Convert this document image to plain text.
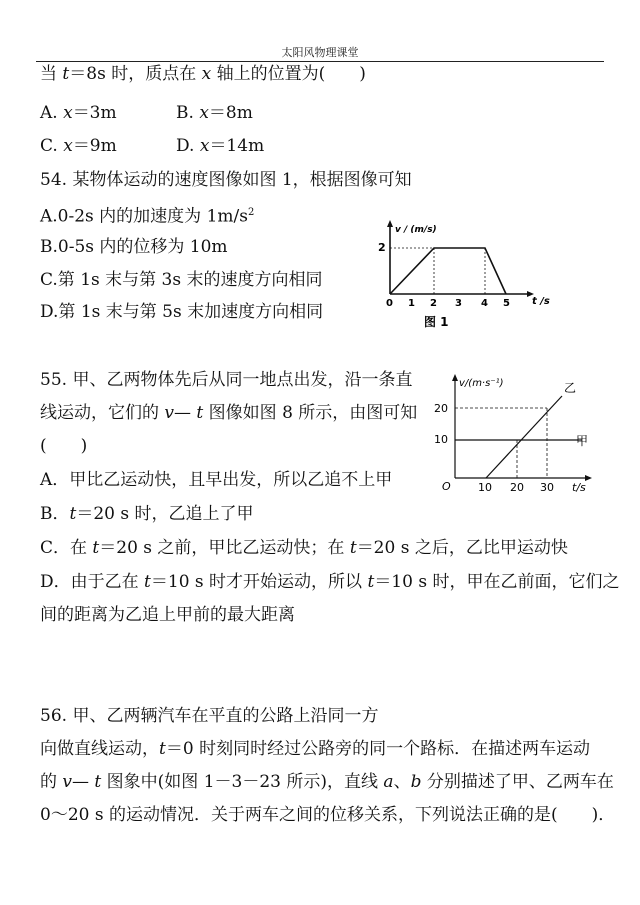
太阳风物理课堂
当 t＝8s 时，质点在 x 轴上的位置为(　　)
A. x＝3m	B. x＝8m
C. x＝9m	D. x＝14m
54. 某物体运动的速度图像如图 1，根据图像可知
A.0-2s 内的加速度为 $1m/s^2$
B.0-5s 内的位移为 10m
C.第 1s 末与第 3s 末的速度方向相同
D.第 1s 末与第 5s 末加速度方向相同
v / (m/s)
t /s
2
0 1 2 3 4 5
图 1
55. 甲、乙两物体先后从同一地点出发，沿一条直
线运动，它们的 v— t 图像如图 8 所示，由图可知
(　　)
A．甲比乙运动快，且早出发，所以乙追不上甲
B．t＝20 s 时，乙追上了甲
C．在 t＝20 s 之前，甲比乙运动快；在 t＝20 s 之后，乙比甲运动快
D．由于乙在 t＝10 s 时才开始运动，所以 t＝10 s 时，甲在乙前面，它们之
间的距离为乙追上甲前的最大距离
v/(m·s⁻¹)
t/s
O
20
10
乙
甲
10 20 30
56. 甲、乙两辆汽车在平直的公路上沿同一方
向做直线运动，t＝0 时刻同时经过公路旁的同一个路标．在描述两车运动
的 v— t 图象中(如图 1－3－23 所示)，直线 a、b 分别描述了甲、乙两车在
0～20 s 的运动情况．关于两车之间的位移关系，下列说法正确的是(　　)．
